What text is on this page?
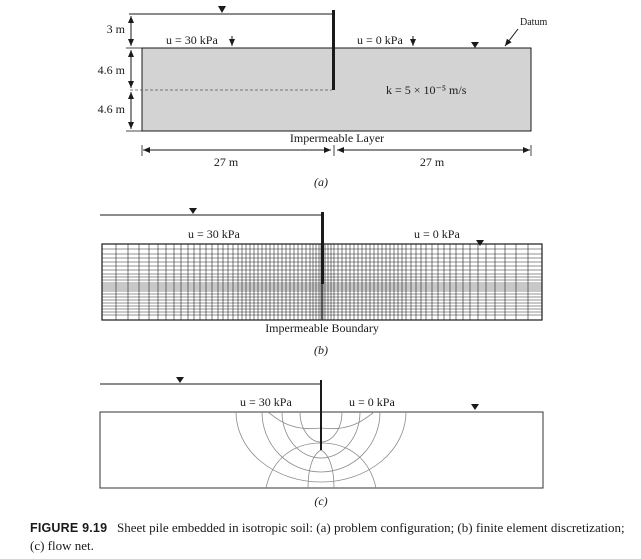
3 m
4.6 m
4.6 m
u = 30 kPa	u = 0 kPa
Datum
k = 5 × 10⁻⁵ m/s
Impermeable Layer
27 m	27 m
(a)
u = 30 kPa	u = 0 kPa
Impermeable Boundary
(b)
u = 30 kPa	u = 0 kPa
(c)
FIGURE 9.19 Sheet pile embedded in isotropic soil: (a) problem configuration; (b) finite element discretization; (c) flow net.
